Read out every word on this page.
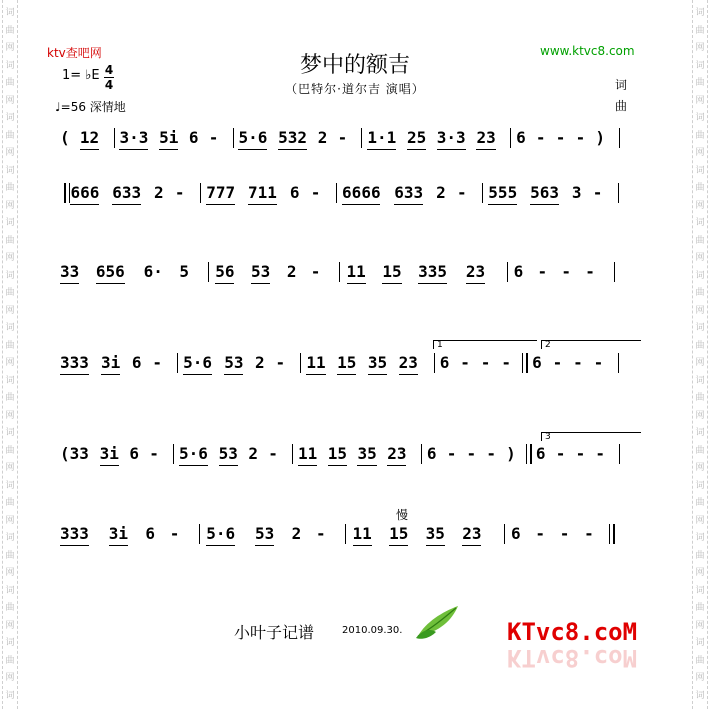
词
曲
网
词
曲
网
词
曲
网
词
曲
网
词
曲
网
词
曲
网
词
曲
网
词
曲
网
词
曲
网
词
曲
网
词
曲
网
词
曲
网
词
曲
网
词
词
曲
网
词
曲
网
词
曲
网
词
曲
网
词
曲
网
词
曲
网
词
曲
网
词
曲
网
词
曲
网
词
曲
网
词
曲
网
词
曲
网
词
曲
网
词
ktv查吧网	www.ktvc8.com
梦中的额吉
（巴特尔·道尔吉 演唱）
1= ♭E 4
4
♩=56 深情地
词
曲
( 12 3·3 5i 6 - 5·6 532 2 - 1·1 25 3·3 23 6 - - - )
666 633 2 - 777 711 6 - 6666 633 2 - 555 563 3 -
33 656 6· 5 56 53 2 - 11 15 335 23 6 - - -
333 3i 6 - 5·6 53 2 - 11 15 35 23 6 - - - 6 - - -
(33 3i 6 - 5·6 53 2 - 11 15 35 23 6 - - - ) 6 - - -
333 3i 6 - 5·6 53 2 - 11 15 35 23 6 - - -
慢
小叶子记谱	2010.09.30.	KTvc8.coM
KTvc8.coM
1	2
3
